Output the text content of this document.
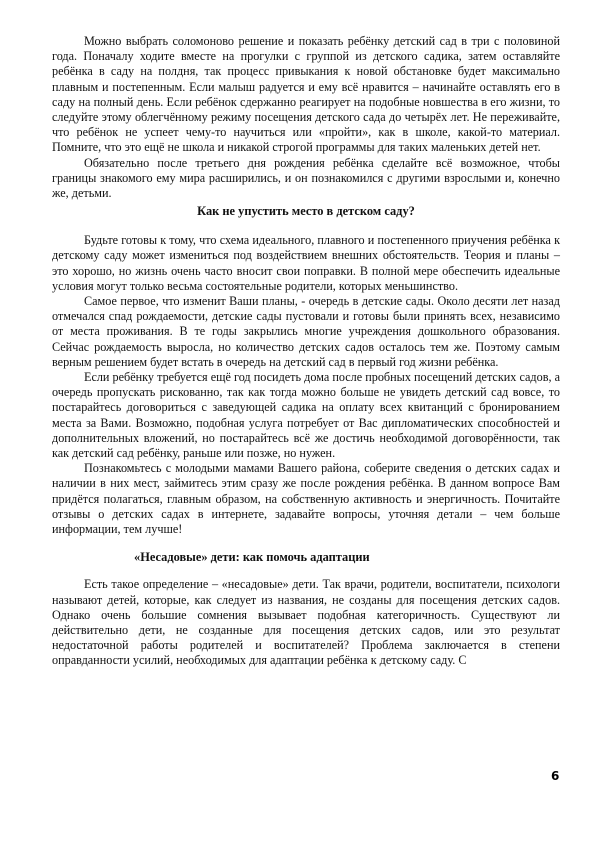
Можно выбрать соломоново решение и показать ребёнку детский сад в три с половиной года. Поначалу ходите вместе на прогулки с группой из детского садика, затем оставляйте ребёнка в саду на полдня, так процесс привыкания к новой обстановке будет максимально плавным и постепенным. Если малыш радуется и ему всё нравится – начинайте оставлять его в саду на полный день. Если ребёнок сдержанно реагирует на подобные новшества в его жизни, то следуйте этому облегчённому режиму посещения детского сада до четырёх лет. Не переживайте, что ребёнок не успеет чему-то научиться или «пройти», как в школе, какой-то материал. Помните, что это ещё не школа и никакой строгой программы для таких маленьких детей нет.

Обязательно после третьего дня рождения ребёнка сделайте всё возможное, чтобы границы знакомого ему мира расширились, и он познакомился с другими взрослыми и, конечно же, детьми.

Как не упустить место в детском саду?

Будьте готовы к тому, что схема идеального, плавного и постепенного приучения ребёнка к детскому саду может измениться под воздействием внешних обстоятельств. Теория и планы – это хорошо, но жизнь очень часто вносит свои поправки. В полной мере обеспечить идеальные условия могут только весьма состоятельные родители, которых меньшинство.

Самое первое, что изменит Ваши планы, - очередь в детские сады. Около десяти лет назад отмечался спад рождаемости, детские сады пустовали и готовы были принять всех, независимо от места проживания. В те годы закрылись многие учреждения дошкольного образования. Сейчас рождаемость выросла, но количество детских садов осталось тем же. Поэтому самым верным решением будет встать в очередь на детский сад в первый год жизни ребёнка.

Если ребёнку требуется ещё год посидеть дома после пробных посещений детских садов, а очередь пропускать рискованно, так как тогда можно больше не увидеть детский сад вовсе, то постарайтесь договориться с заведующей садика на оплату всех квитанций с бронированием места за Вами. Возможно, подобная услуга потребует от Вас дипломатических способностей и дополнительных вложений, но постарайтесь всё же достичь необходимой договорённости, так как детский сад ребёнку, раньше или позже, но нужен.

Познакомьтесь с молодыми мамами Вашего района, соберите сведения о детских садах и наличии в них мест, займитесь этим сразу же после рождения ребёнка. В данном вопросе Вам придётся полагаться, главным образом, на собственную активность и энергичность. Почитайте отзывы о детских садах в интернете, задавайте вопросы, уточняя детали – чем больше информации, тем лучше!

«Несадовые» дети: как помочь адаптации

Есть такое определение – «несадовые» дети. Так врачи, родители, воспитатели, психологи называют детей, которые, как следует из названия, не созданы для посещения детских садов. Однако очень большие сомнения вызывает подобная категоричность. Существуют ли действительно дети, не созданные для посещения детских садов, или это результат недостаточной работы родителей и воспитателей? Проблема заключается в степени оправданности усилий, необходимых для адаптации ребёнка к детскому саду. С

6
